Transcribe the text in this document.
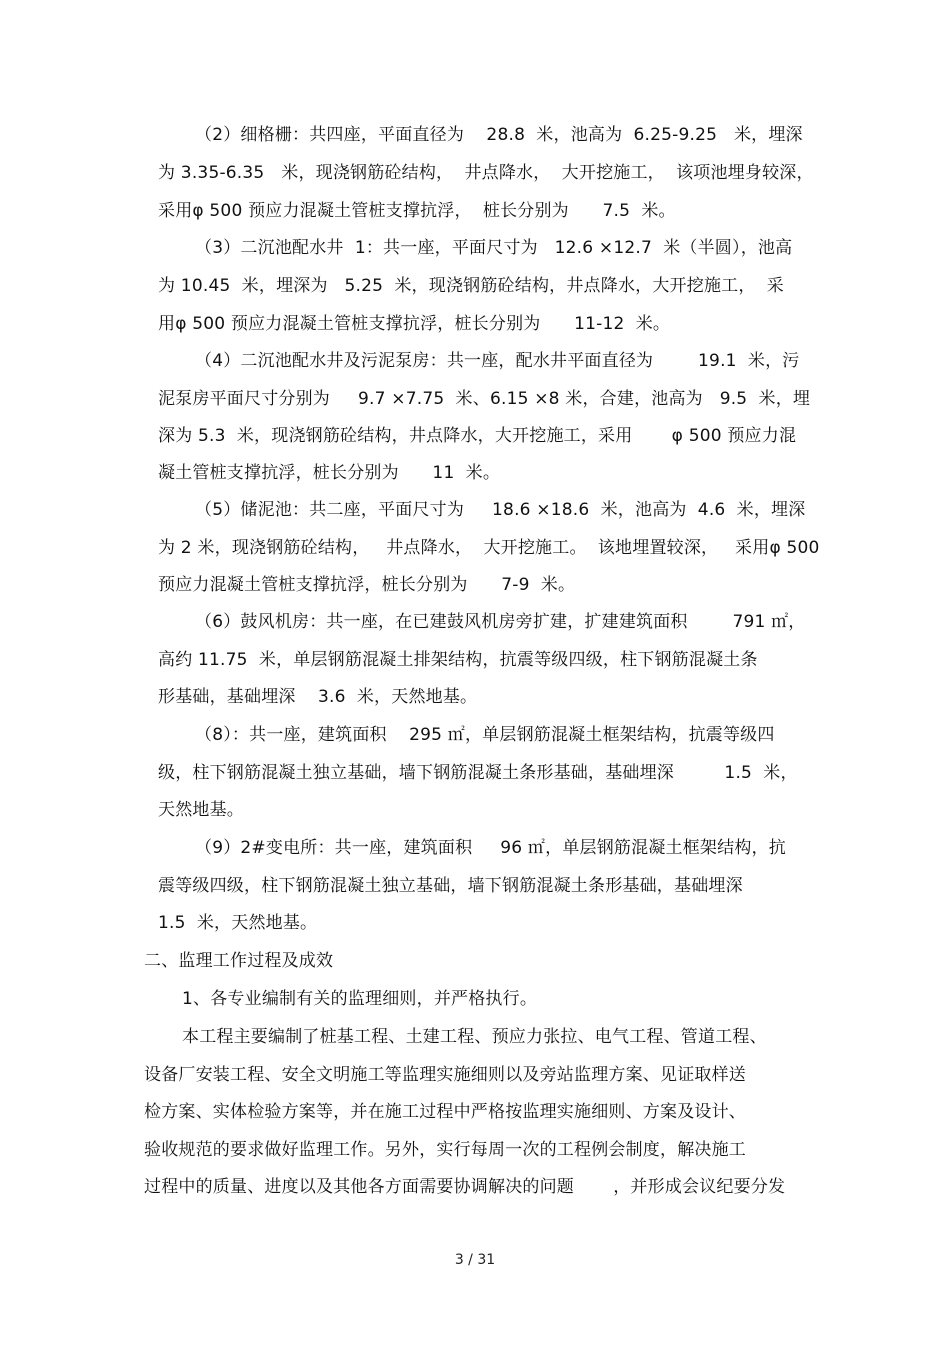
（2）细格栅：共四座，平面直径为    28.8  米，池高为  6.25-9.25   米，埋深
为 3.35-6.35   米，现浇钢筋砼结构，  井点降水，  大开挖施工，  该项池埋身较深，
采用φ 500 预应力混凝土管桩支撑抗浮，  桩长分别为      7.5  米。
（3）二沉池配水井  1：共一座，平面尺寸为   12.6 ×12.7  米（半圆），池高
为 10.45  米，埋深为   5.25  米，现浇钢筋砼结构，井点降水，大开挖施工，  采
用φ 500 预应力混凝土管桩支撑抗浮，桩长分别为      11-12  米。
（4）二沉池配水井及污泥泵房：共一座，配水井平面直径为        19.1  米，污
泥泵房平面尺寸分别为     9.7 ×7.75  米、6.15 ×8 米，合建，池高为   9.5  米，埋
深为 5.3  米，现浇钢筋砼结构，井点降水，大开挖施工，采用       φ 500 预应力混
凝土管桩支撑抗浮，桩长分别为      11  米。
（5）储泥池：共二座，平面尺寸为     18.6 ×18.6  米，池高为  4.6  米，埋深
为 2 米，现浇钢筋砼结构，   井点降水，  大开挖施工。  该地埋置较深，   采用φ 500
预应力混凝土管桩支撑抗浮，桩长分别为      7-9  米。
（6）鼓风机房：共一座，在已建鼓风机房旁扩建，扩建建筑面积        791 ㎡，
高约 11.75  米，单层钢筋混凝土排架结构，抗震等级四级，柱下钢筋混凝土条
形基础，基础埋深    3.6  米，天然地基。
（8）：共一座，建筑面积    295 ㎡，单层钢筋混凝土框架结构，抗震等级四
级，柱下钢筋混凝土独立基础，墙下钢筋混凝土条形基础，基础埋深         1.5  米，
天然地基。
（9）2#变电所：共一座，建筑面积     96 ㎡，单层钢筋混凝土框架结构，抗
震等级四级，柱下钢筋混凝土独立基础，墙下钢筋混凝土条形基础，基础埋深
1.5  米，天然地基。
二、监理工作过程及成效
1、各专业编制有关的监理细则，并严格执行。
本工程主要编制了桩基工程、土建工程、预应力张拉、电气工程、管道工程、
设备厂安装工程、安全文明施工等监理实施细则以及旁站监理方案、见证取样送
检方案、实体检验方案等，并在施工过程中严格按监理实施细则、方案及设计、
验收规范的要求做好监理工作。另外，实行每周一次的工程例会制度，解决施工
过程中的质量、进度以及其他各方面需要协调解决的问题       ，并形成会议纪要分发
3 / 31
